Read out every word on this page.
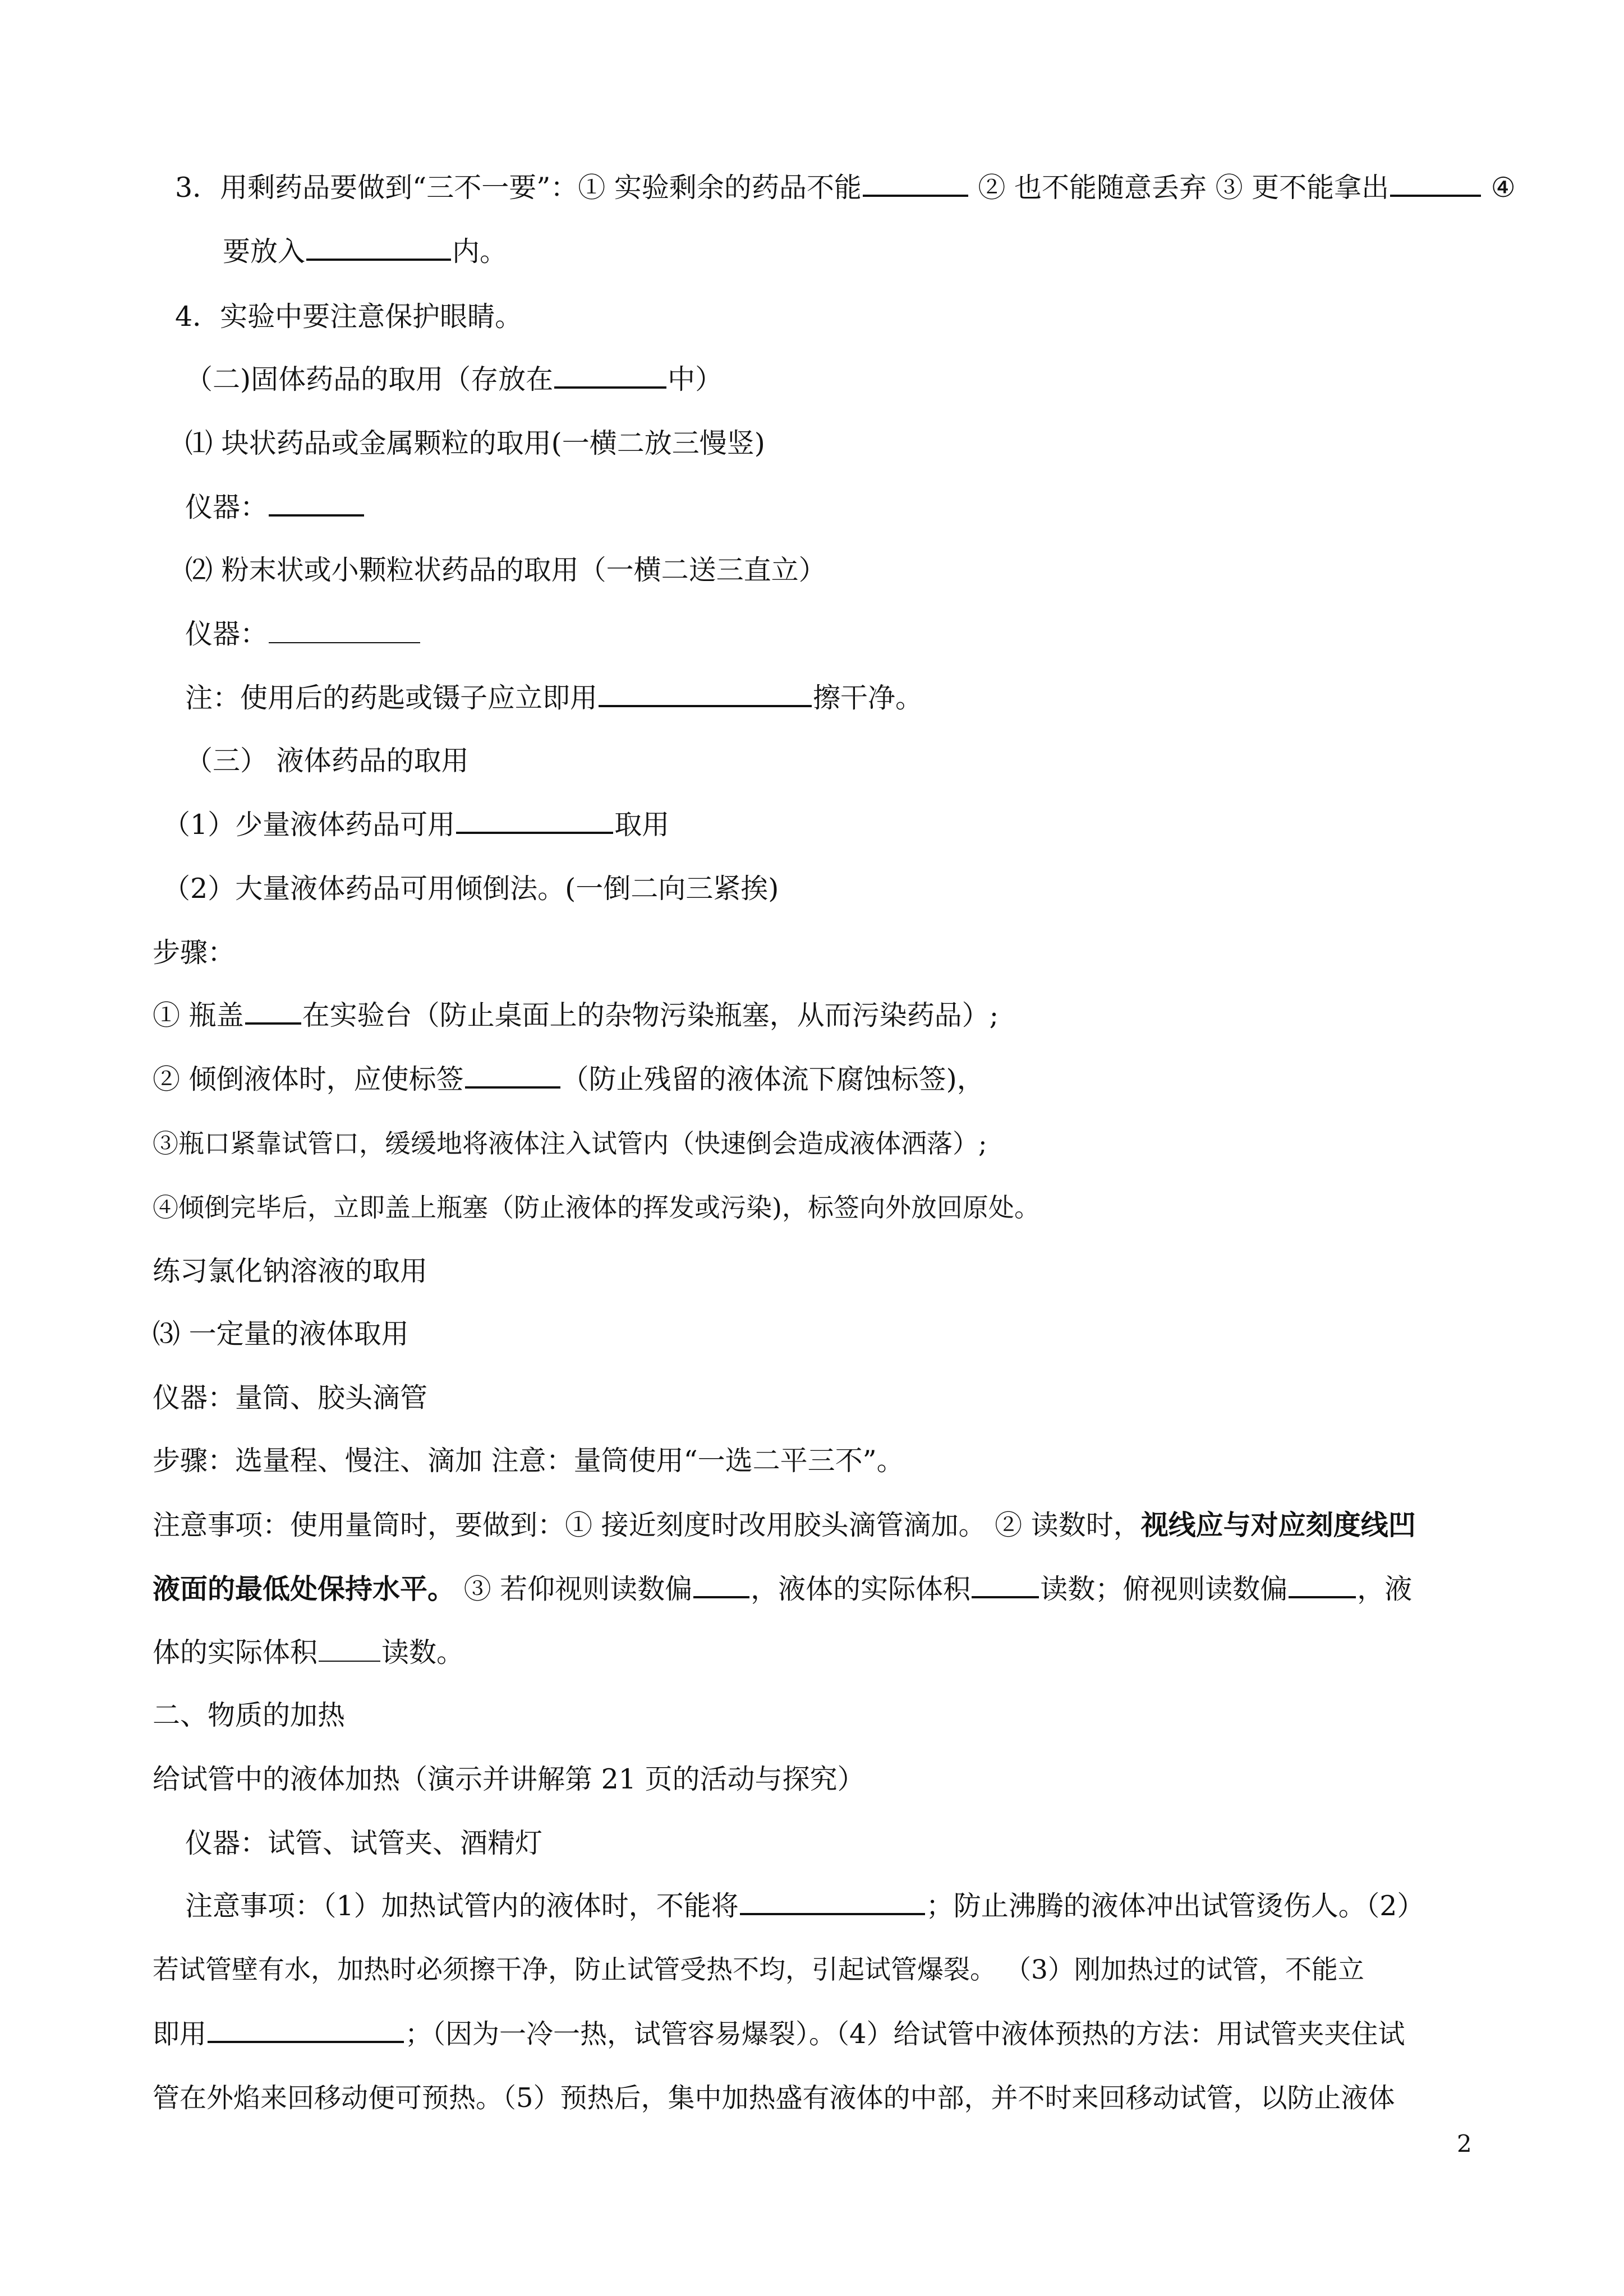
3．用剩药品要做到“三不一要”：① 实验剩余的药品不能	② 也不能随意丢弃 ③ 更不能拿出	④
要放入	内。
4．实验中要注意保护眼睛。
（二)固体药品的取用（存放在	中）
⑴ 块状药品或金属颗粒的取用(一横二放三慢竖)
仪器：
⑵ 粉末状或小颗粒状药品的取用（一横二送三直立）
仪器：
注：使用后的药匙或镊子应立即用	擦干净。
（三） 液体药品的取用
（1）少量液体药品可用	取用
（2）大量液体药品可用倾倒法。(一倒二向三紧挨)
步骤：
① 瓶盖 在实验台（防止桌面上的杂物污染瓶塞，从而污染药品）;
② 倾倒液体时，应使标签	（防止残留的液体流下腐蚀标签)，
③瓶口紧靠试管口，缓缓地将液体注入试管内（快速倒会造成液体洒落）;
④倾倒完毕后，立即盖上瓶塞（防止液体的挥发或污染)，标签向外放回原处。
练习氯化钠溶液的取用
⑶ 一定量的液体取用
仪器：量筒、胶头滴管
步骤：选量程、慢注、滴加 注意：量筒使用“一选二平三不”。
注意事项：使用量筒时，要做到：① 接近刻度时改用胶头滴管滴加。 ② 读数时，视线应与对应刻度线凹
液面的最低处保持水平。 ③ 若仰视则读数偏 ，液体的实际体积	读数；俯视则读数偏	，液
体的实际体积 读数。
二、物质的加热
给试管中的液体加热（演示并讲解第 21 页的活动与探究）
仪器：试管、试管夹、酒精灯
注意事项：（1）加热试管内的液体时，不能将	；防止沸腾的液体冲出试管烫伤人。（2）
若试管壁有水，加热时必须擦干净，防止试管受热不均，引起试管爆裂。 （3）刚加热过的试管，不能立
即用	；（因为一冷一热，试管容易爆裂）。（4）给试管中液体预热的方法：用试管夹夹住试
管在外焰来回移动便可预热。（5）预热后，集中加热盛有液体的中部，并不时来回移动试管，以防止液体
2
